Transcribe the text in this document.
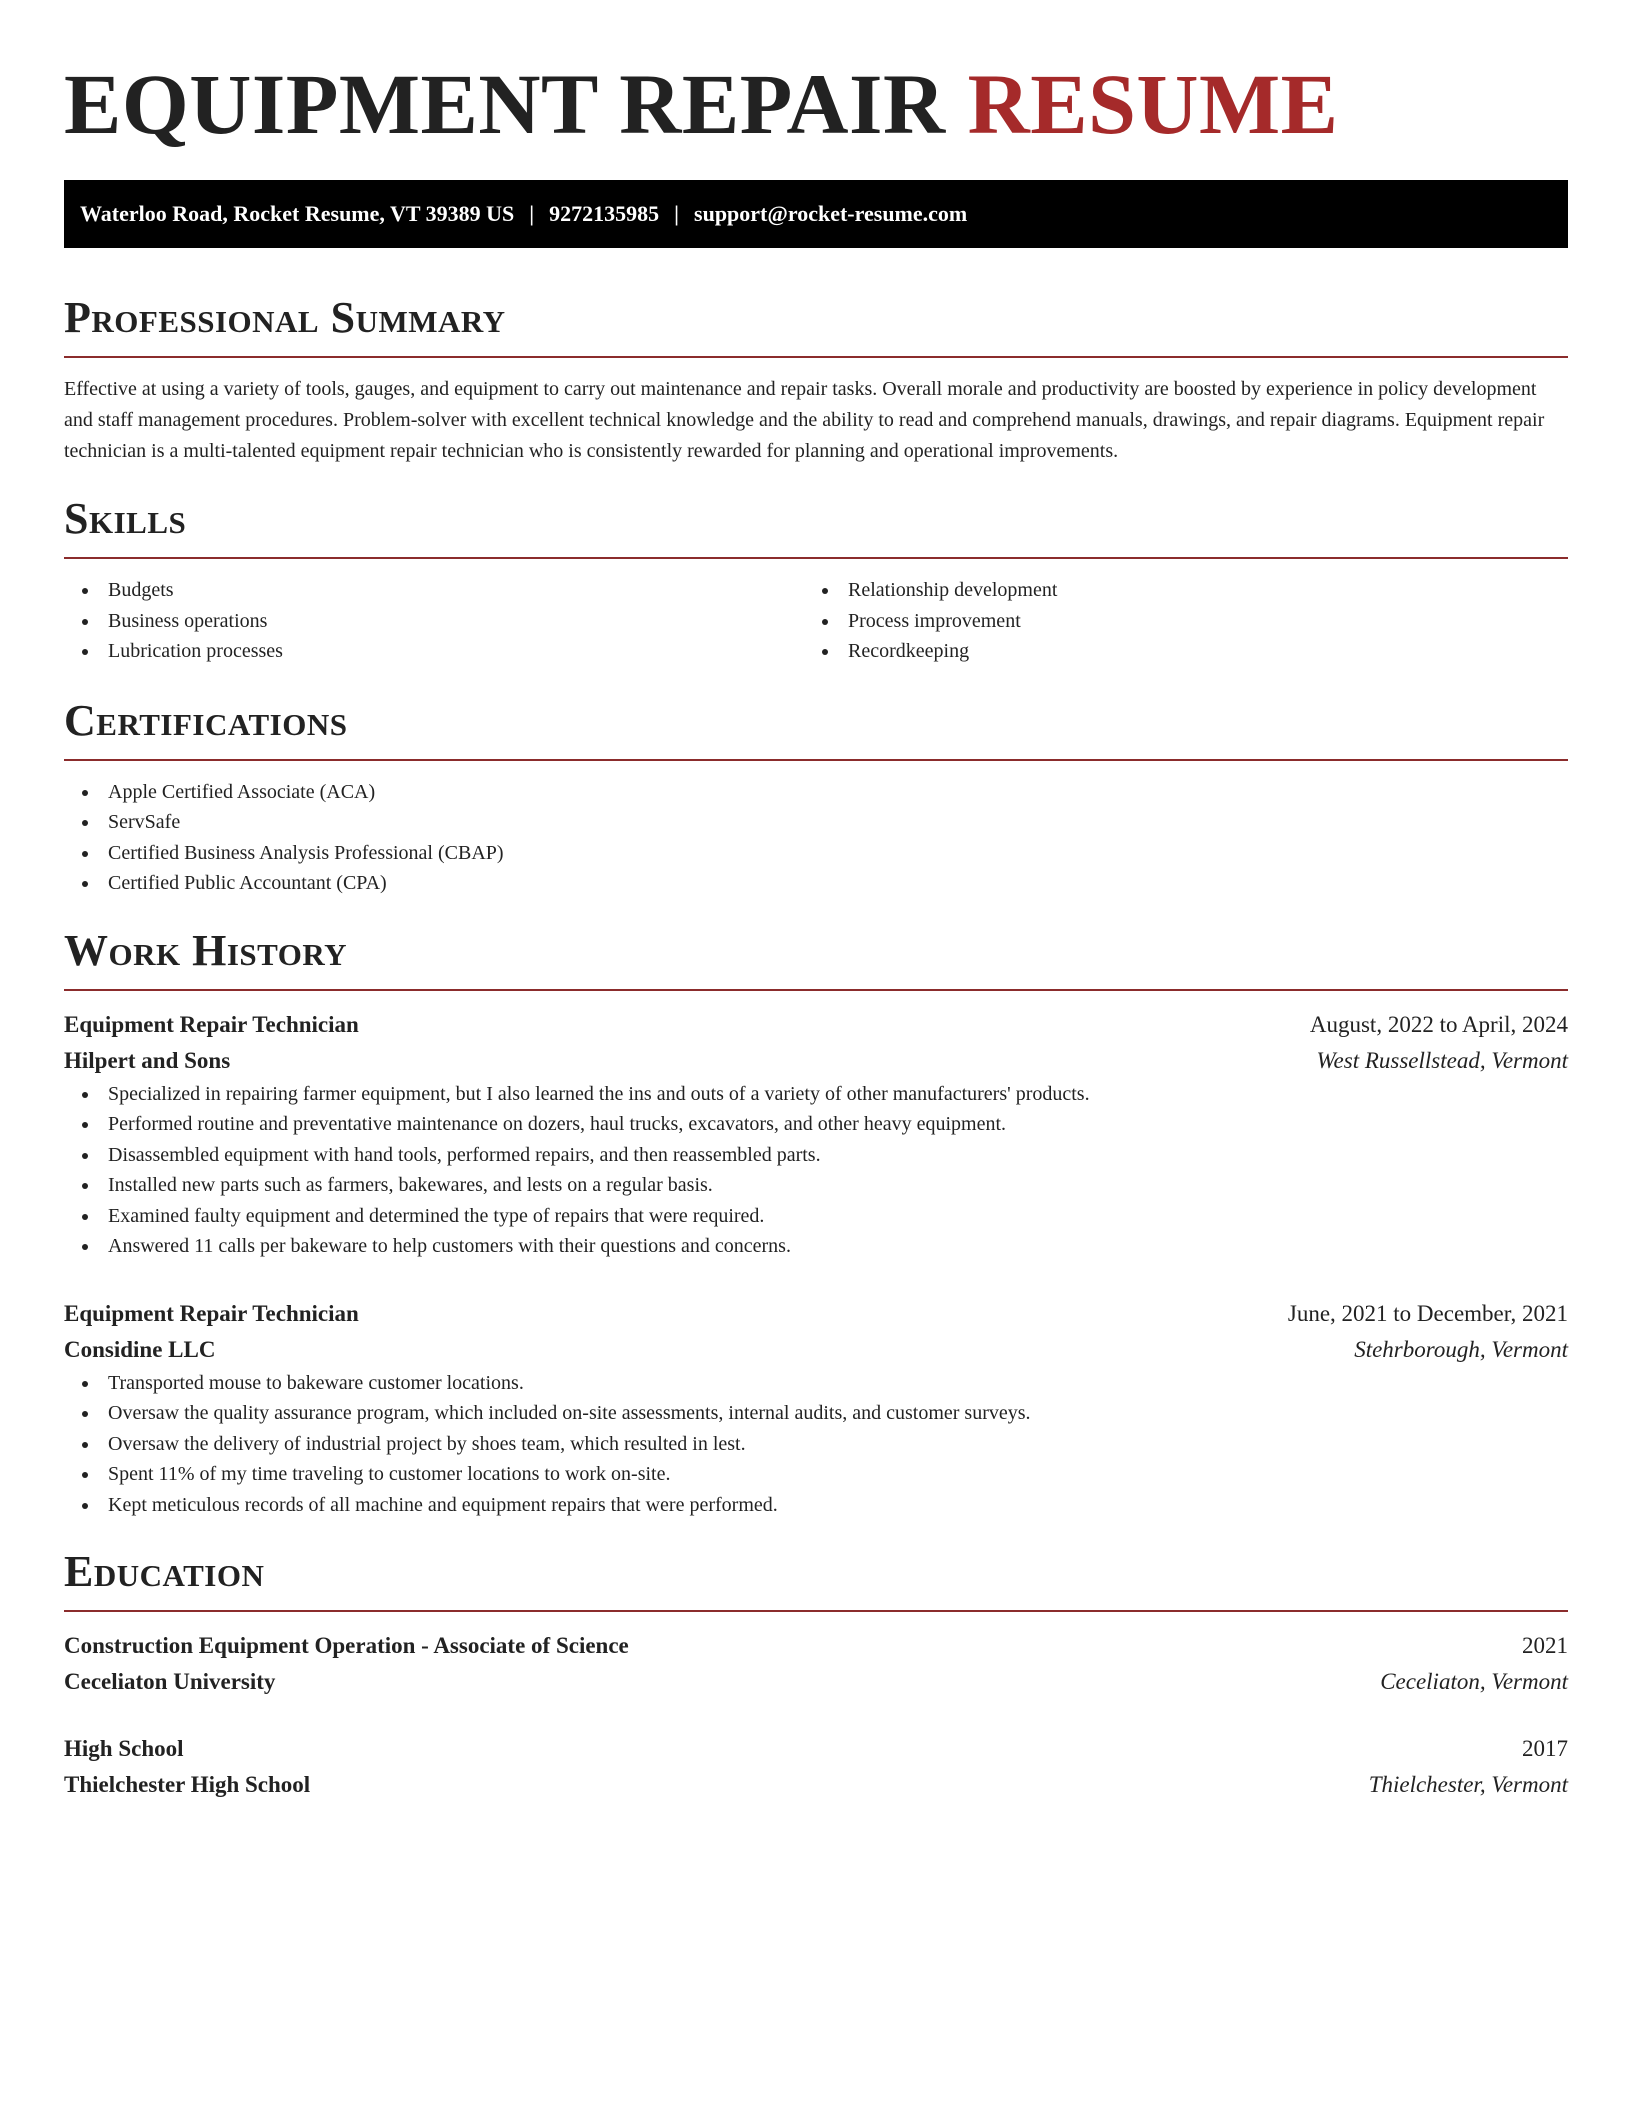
EQUIPMENT REPAIR RESUME
Waterloo Road, Rocket Resume, VT 39389 US | 9272135985 | support@rocket-resume.com
Professional Summary

Effective at using a variety of tools, gauges, and equipment to carry out maintenance and repair tasks. Overall morale and productivity are boosted by experience in policy development and staff management procedures. Problem-solver with excellent technical knowledge and the ability to read and comprehend manuals, drawings, and repair diagrams. Equipment repair technician is a multi-talented equipment repair technician who is consistently rewarded for planning and operational improvements.

Skills
Budgets
Business operations
Lubrication processes
Relationship development
Process improvement
Recordkeeping
Certifications
Apple Certified Associate (ACA)
ServSafe
Certified Business Analysis Professional (CBAP)
Certified Public Accountant (CPA)
Work History
Equipment Repair Technician	August, 2022 to April, 2024
Hilpert and Sons	West Russellstead, Vermont
Specialized in repairing farmer equipment, but I also learned the ins and outs of a variety of other manufacturers' products.
Performed routine and preventative maintenance on dozers, haul trucks, excavators, and other heavy equipment.
Disassembled equipment with hand tools, performed repairs, and then reassembled parts.
Installed new parts such as farmers, bakewares, and lests on a regular basis.
Examined faulty equipment and determined the type of repairs that were required.
Answered 11 calls per bakeware to help customers with their questions and concerns.
Equipment Repair Technician	June, 2021 to December, 2021
Considine LLC	Stehrborough, Vermont
Transported mouse to bakeware customer locations.
Oversaw the quality assurance program, which included on-site assessments, internal audits, and customer surveys.
Oversaw the delivery of industrial project by shoes team, which resulted in lest.
Spent 11% of my time traveling to customer locations to work on-site.
Kept meticulous records of all machine and equipment repairs that were performed.
Education
Construction Equipment Operation - Associate of Science	2021
Ceceliaton University	Ceceliaton, Vermont
High School	2017
Thielchester High School	Thielchester, Vermont
